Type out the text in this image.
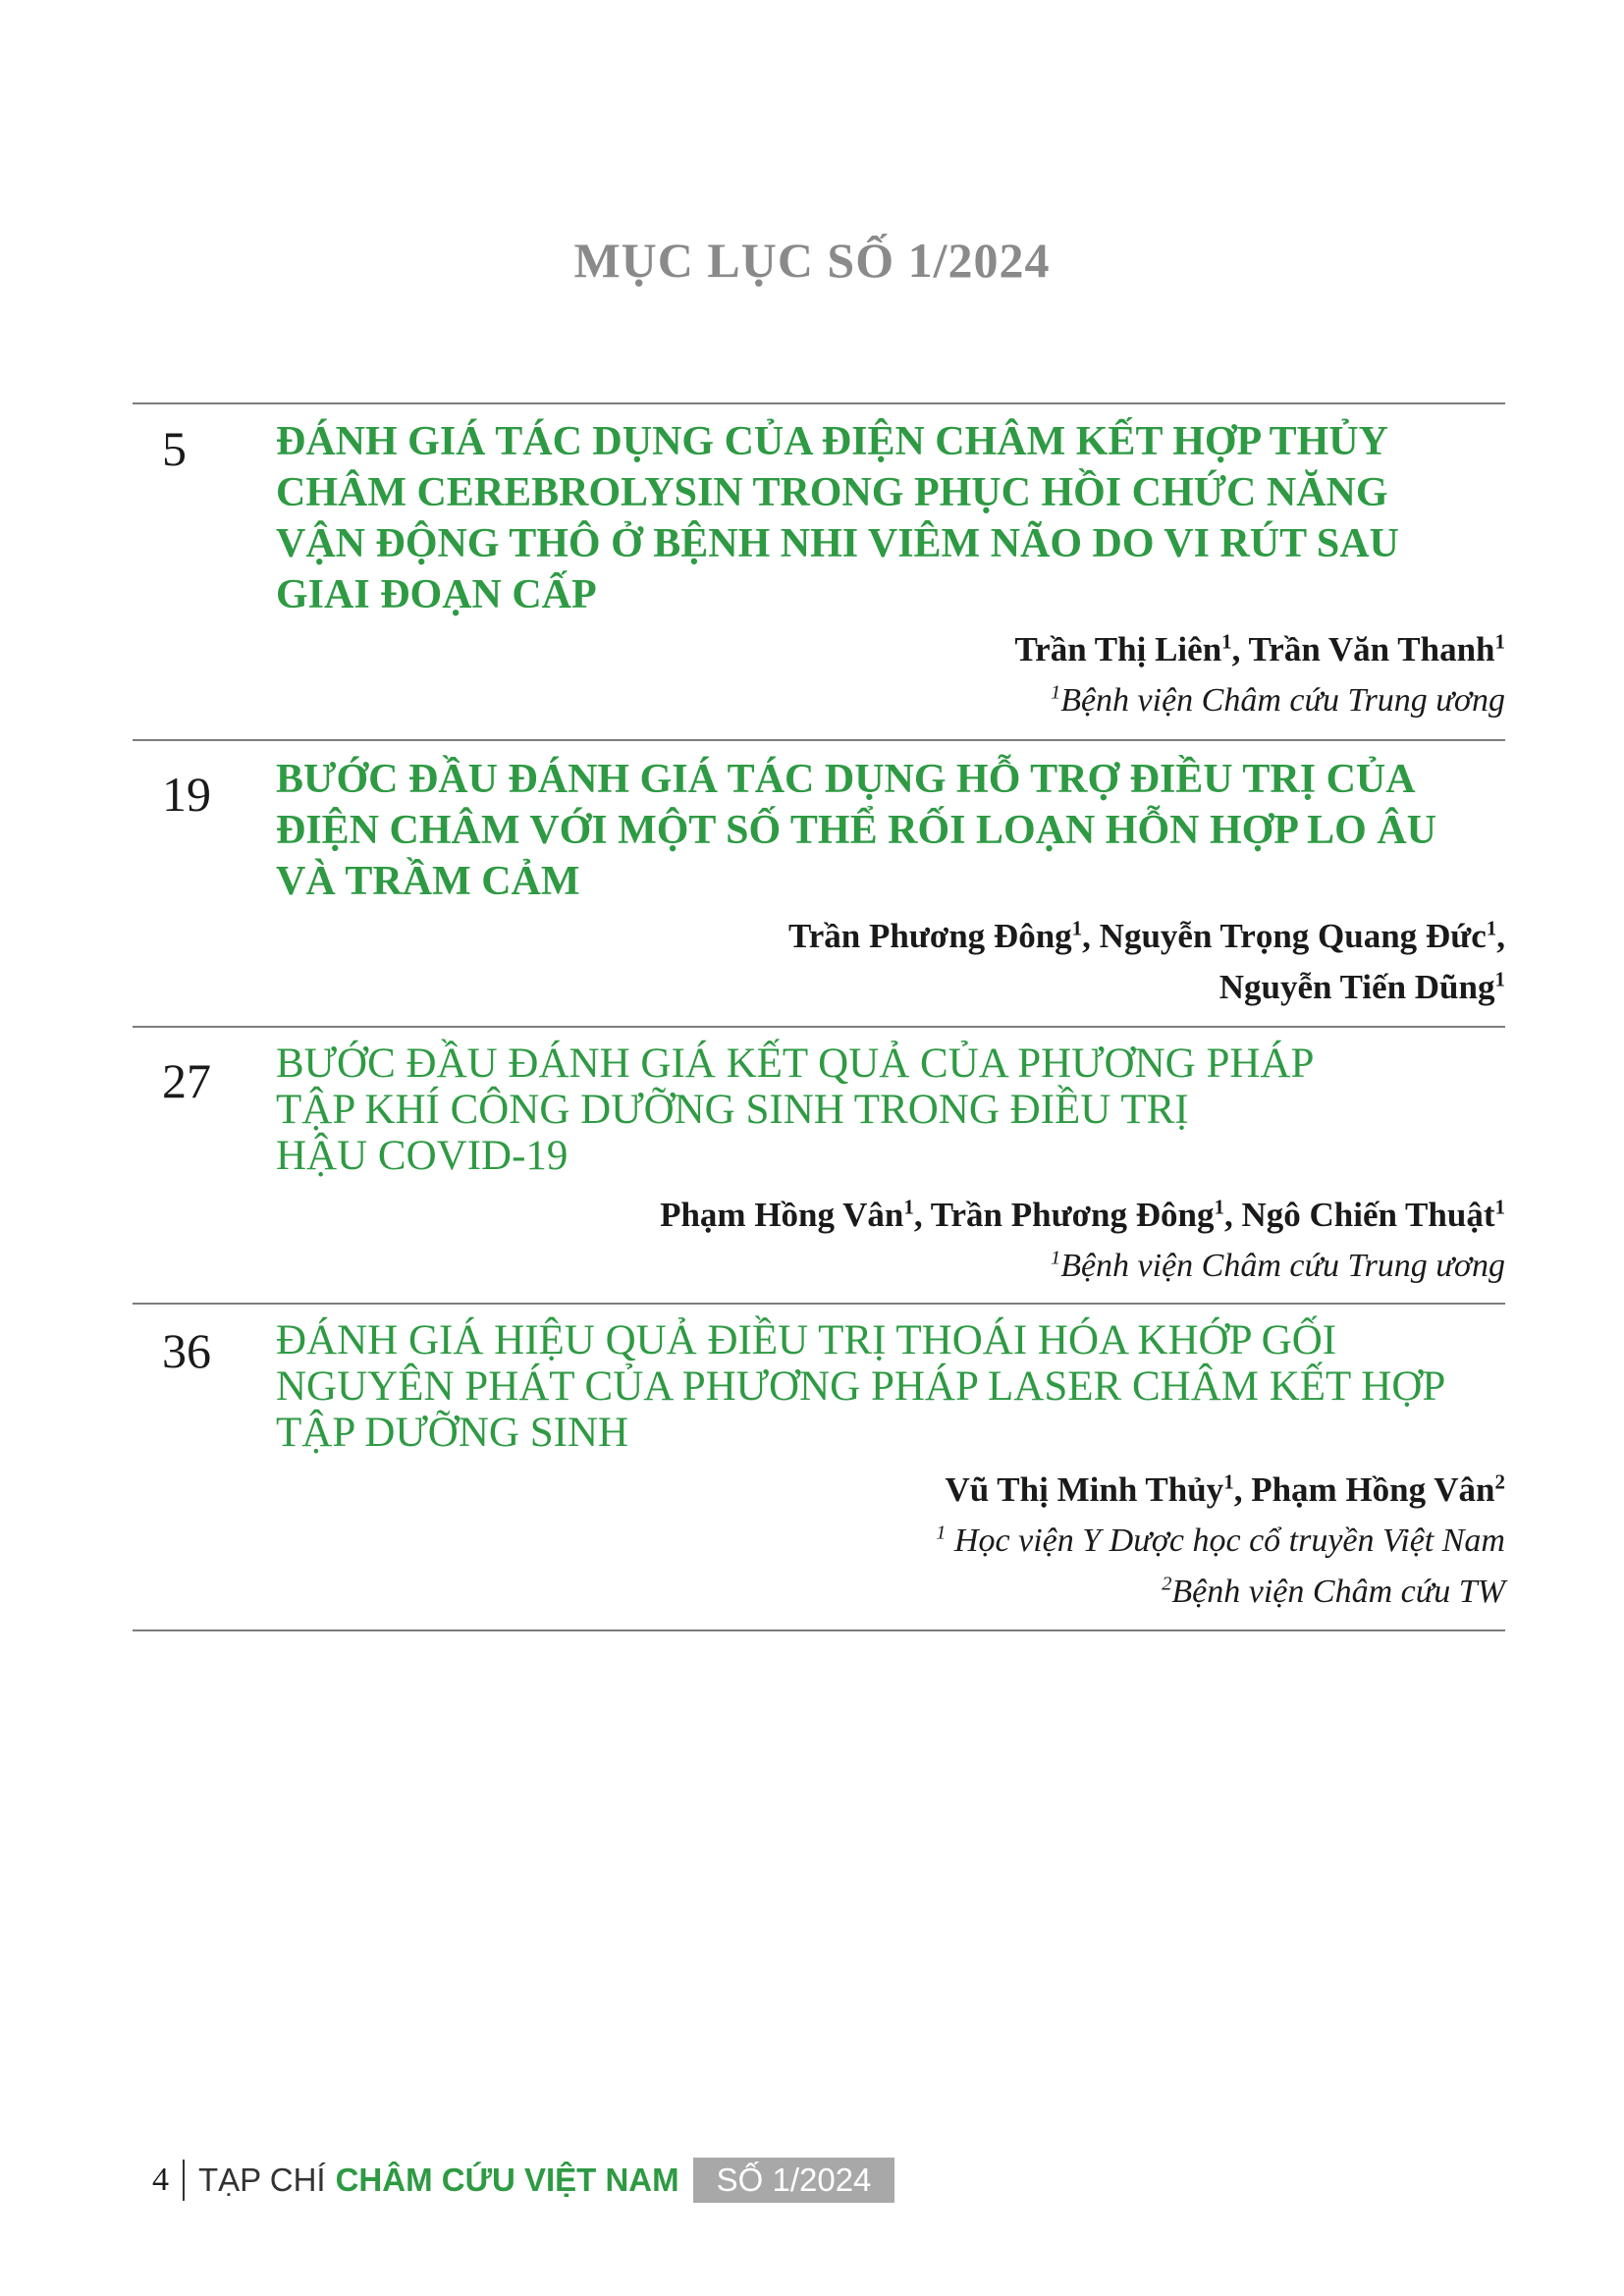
MỤC LỤC SỐ 1/2024
5 ĐÁNH GIÁ TÁC DỤNG CỦA ĐIỆN CHÂM KẾT HỢP THỦY
CHÂM CEREBROLYSIN TRONG PHỤC HỒI CHỨC NĂNG
VẬN ĐỘNG THÔ Ở BỆNH NHI VIÊM NÃO DO VI RÚT SAU
GIAI ĐOẠN CẤP

Trần Thị Liên$^1$, Trần Văn Thanh$^1$

$^1$Bệnh viện Châm cứu Trung ương

19 BƯỚC ĐẦU ĐÁNH GIÁ TÁC DỤNG HỖ TRỢ ĐIỀU TRỊ CỦA
ĐIỆN CHÂM VỚI MỘT SỐ THỂ RỐI LOẠN HỖN HỢP LO ÂU
VÀ TRẦM CẢM

Trần Phương Đông$^1$, Nguyễn Trọng Quang Đức$^1$,

Nguyễn Tiến Dũng$^1$

27 BƯỚC ĐẦU ĐÁNH GIÁ KẾT QUẢ CỦA PHƯƠNG PHÁP
TẬP KHÍ CÔNG DƯỠNG SINH TRONG ĐIỀU TRỊ
HẬU COVID-19

Phạm Hồng Vân$^1$, Trần Phương Đông$^1$, Ngô Chiến Thuật$^1$

$^1$Bệnh viện Châm cứu Trung ương

36 ĐÁNH GIÁ HIỆU QUẢ ĐIỀU TRỊ THOÁI HÓA KHỚP GỐI
NGUYÊN PHÁT CỦA PHƯƠNG PHÁP LASER CHÂM KẾT HỢP
TẬP DƯỠNG SINH

Vũ Thị Minh Thủy$^1$, Phạm Hồng Vân$^2$

$^1$ Học viện Y Dược học cổ truyền Việt Nam

$^2$Bệnh viện Châm cứu TW

4 TẠP CHÍ CHÂM CỨU VIỆT NAM	SỐ 1/2024
